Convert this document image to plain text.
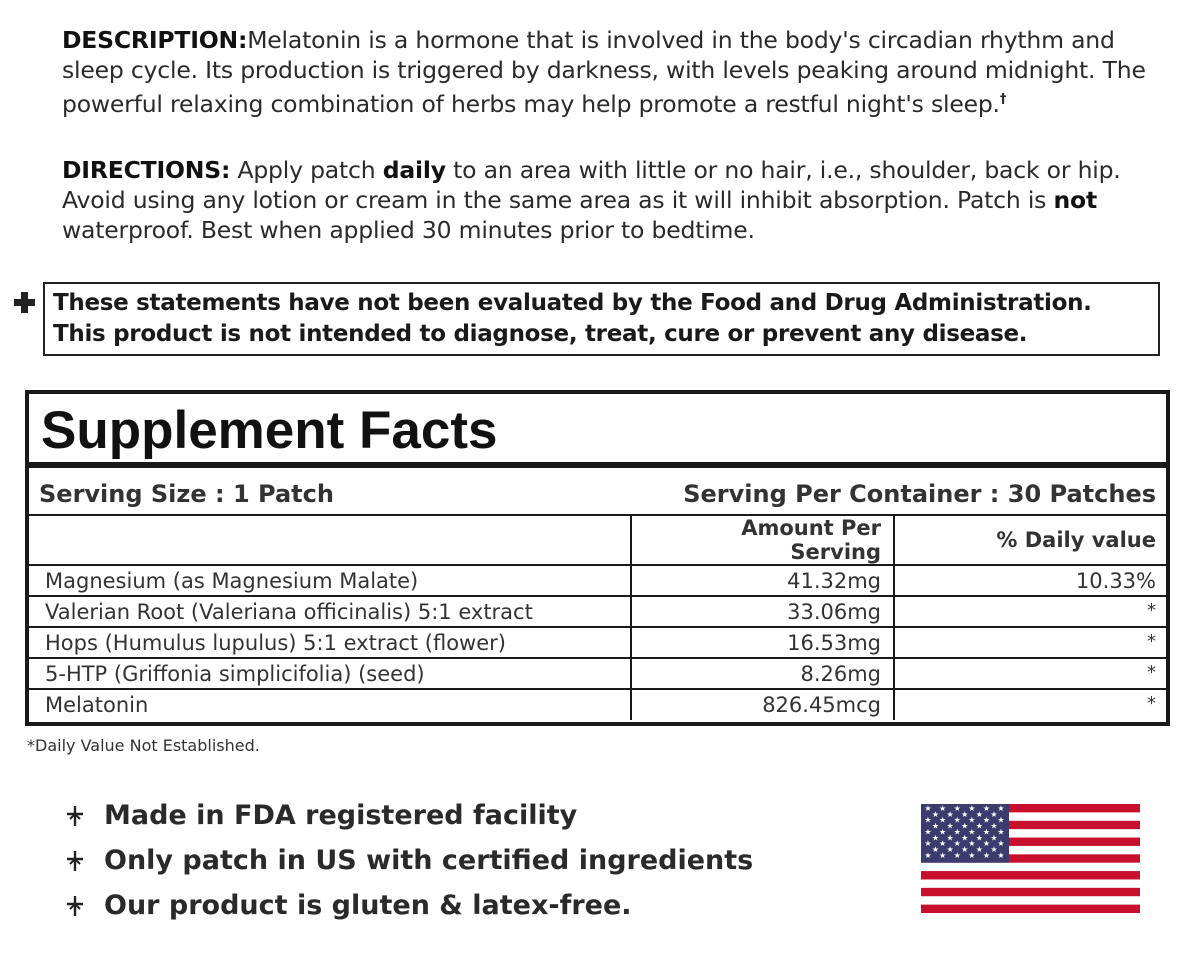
DESCRIPTION:Melatonin is a hormone that is involved in the body's circadian rhythm and sleep cycle. Its production is triggered by darkness, with levels peaking around midnight. The powerful relaxing combination of herbs may help promote a restful night's sleep.†
DIRECTIONS: Apply patch daily to an area with little or no hair, i.e., shoulder, back or hip. Avoid using any lotion or cream in the same area as it will inhibit absorption. Patch is not waterproof. Best when applied 30 minutes prior to bedtime.
These statements have not been evaluated by the Food and Drug Administration.
This product is not intended to diagnose, treat, cure or prevent any disease.
Supplement Facts
Serving Size : 1 Patch	Serving Per Container : 30 Patches
	Amount Per Serving	% Daily value
Magnesium (as Magnesium Malate)	41.32mg	10.33%
Valerian Root (Valeriana officinalis) 5:1 extract	33.06mg	*
Hops (Humulus lupulus) 5:1 extract (flower)	16.53mg	*
5-HTP (Griffonia simplicifolia) (seed)	8.26mg	*
Melatonin	826.45mcg	*
*Daily Value Not Established.
Made in FDA registered facility
Only patch in US with certified ingredients
Our product is gluten & latex-free.
★ ★ ★ ★ ★ ★
★ ★ ★ ★ ★
★ ★ ★ ★ ★ ★
★ ★ ★ ★ ★
★ ★ ★ ★ ★ ★
★ ★ ★ ★ ★
★ ★ ★ ★ ★ ★
★ ★ ★ ★ ★
★ ★ ★ ★ ★ ★
